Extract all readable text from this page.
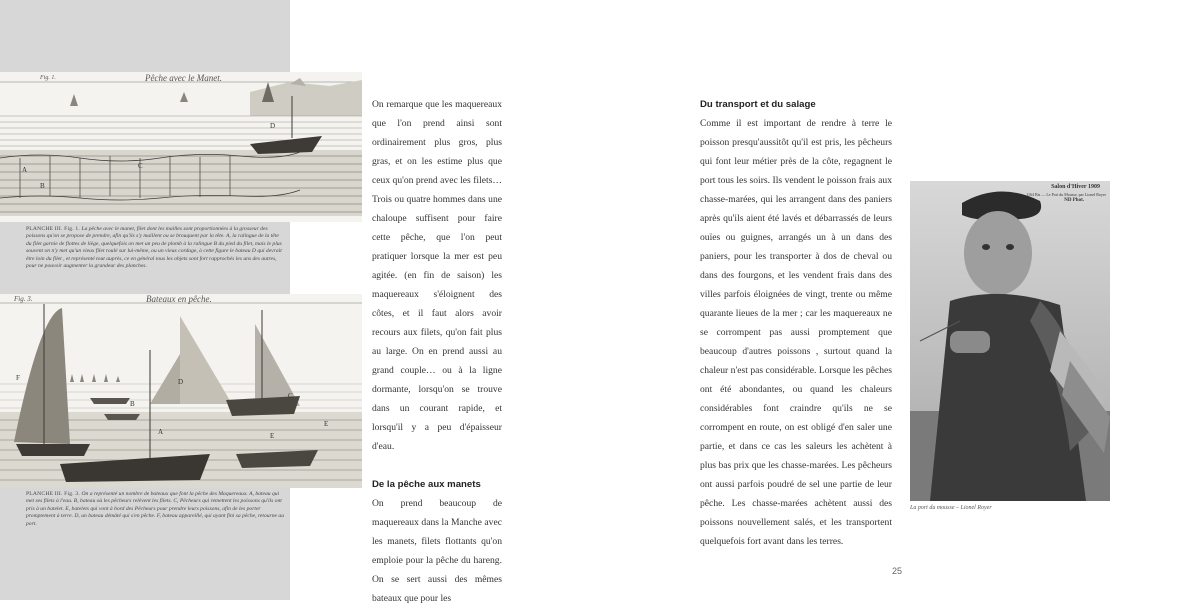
D
C
A
B
Fig. 1.	Pêche avec le Manet.
PLANCHE III. Fig. 1. La pêche avec le manet, filet dont les mailles sont proportionnées à la grosseur des poissons qu'on se propose de prendre, afin qu'ils s'y maillent ou se brouquent par la tête. A, la ralingue de la tête du filet garnie de flottes de liège, quelquefois on met un peu de plomb à la ralingue B du pied du filet, mais le plus souvent on n'y met qu'un vieux filet roulé sur lui-même, ou un vieux cordage, à cette figure le bateau D qui devrait être loin du filet , et représenté tout auprès, ce en général tous les objets sont fort rapprochés les uns des autres, pour ne pouvoir augmenter la grandeur des planches.
F
A
B
C
D
E
E
Fig. 3.	Bateaux en pêche.
PLANCHE III. Fig. 3. On a représenté un nombre de bateaux que font la pêche des Maquereaux. A, bateau qui met ses filets à l'eau. B, bateau où les pêcheurs relèvent les filets. C, Pêcheurs qui remettent les poissons qu'ils ont pris à un batelet. E, batelets qui vont à bord des Pêcheurs pour prendre leurs poissons, afin de les porter promptement à terre. D, un bateau démâté qui s'en pêche. F, bateau appareillé, qui ayant fini sa pêche, retourne au port.

On remarque que les maquereaux que l'on prend ainsi sont ordinairement plus gros, plus gras, et on les estime plus que ceux qu'on prend avec les filets… Trois ou quatre hommes dans une chaloupe suffisent pour faire cette pêche, que l'on peut pratiquer lorsque la mer est peu agitée. (en fin de saison) les maquereaux s'éloignent des côtes, et il faut alors avoir recours aux filets, qu'on fait plus au large. On en prend aussi au grand couple… ou à la ligne dormante, lorsqu'on se trouve dans un courant rapide, et lorsqu'il y a peu d'épaisseur d'eau.

De la pêche aux manets

On prend beaucoup de maquereaux dans la Manche avec les manets, filets flottants qu'on emploie pour la pêche du hareng. On se sert aussi des mêmes bateaux que pour les

Du transport et du salage

Comme il est important de rendre à terre le poisson presqu'aussitôt qu'il est pris, les pêcheurs qui font leur métier près de la côte, regagnent le port tous les soirs. Ils vendent le poisson frais aux chasse-marées, qui les arrangent dans des paniers après qu'ils aient été lavés et débarrassés de leurs ouïes ou guignes, arrangés un à un dans des paniers, pour les transporter à dos de cheval ou dans des fourgons, et les vendent frais dans des villes parfois éloignées de vingt, trente ou même quarante lieues de la mer ; car les maquereaux ne se corrompent pas aussi promptement que beaucoup d'autres poissons , surtout quand la chaleur n'est pas considérable. Lorsque les pêches ont été abondantes, ou quand les chaleurs considérables font craindre qu'ils ne se corrompent en route, on est obligé d'en saler une partie, et dans ce cas les saleurs les achètent à plus bas prix que les chasse-marées. Les pêcheurs ont aussi parfois poudré de sel une partie de leur pêche. Les chasse-marées achètent aussi des poissons nouvellement salés, et les transportent quelquefois fort avant dans les terres.

Salon d'Hiver 1909
1164 Bis — Le Port du Mousse, par Lionel Royer
ND Phot.
La port du mousse – Lionel Royer
25
